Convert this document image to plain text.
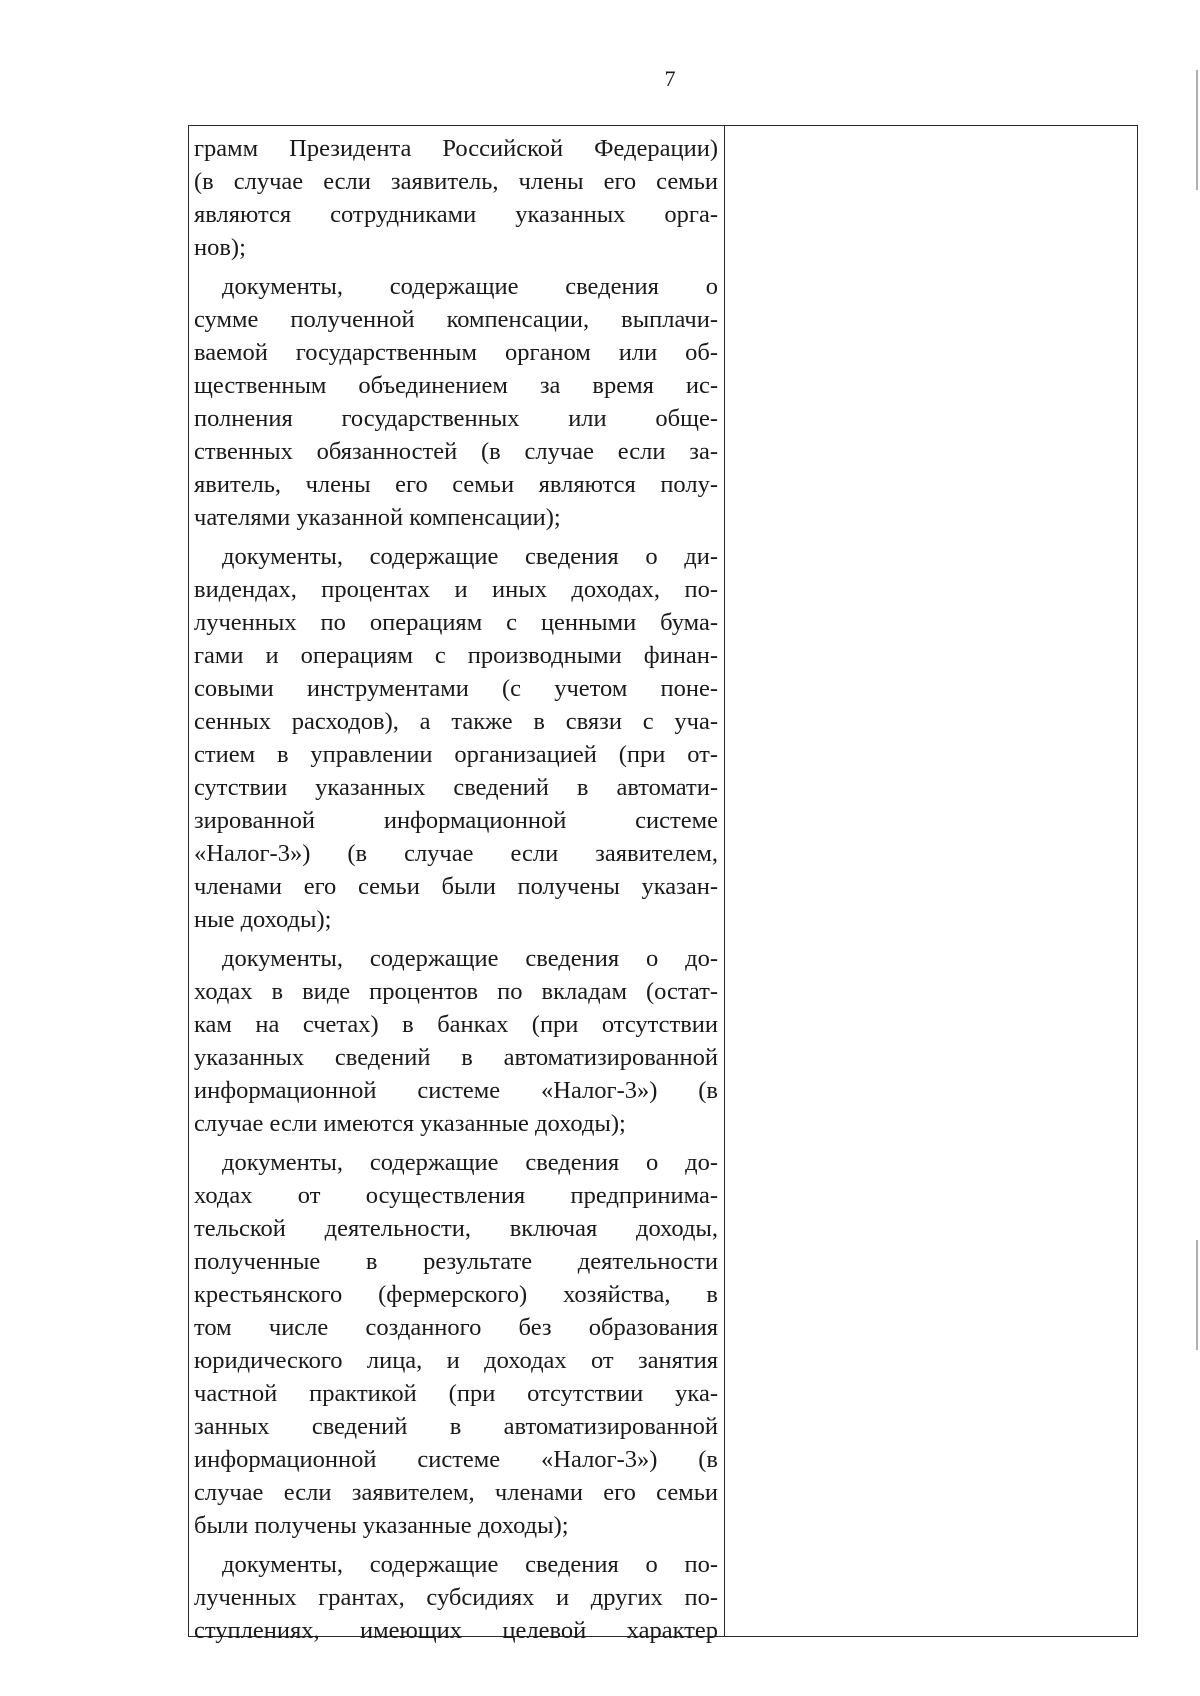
7
грамм Президента Российской Федерации)
(в случае если заявитель, члены его семьи
являются сотрудниками указанных орга-
нов);
документы, содержащие сведения о
сумме полученной компенсации, выплачи-
ваемой государственным органом или об-
щественным объединением за время ис-
полнения государственных или обще-
ственных обязанностей (в случае если за-
явитель, члены его семьи являются полу-
чателями указанной компенсации);
документы, содержащие сведения о ди-
видендах, процентах и иных доходах, по-
лученных по операциям с ценными бума-
гами и операциям с производными финан-
совыми инструментами (с учетом поне-
сенных расходов), а также в связи с уча-
стием в управлении организацией (при от-
сутствии указанных сведений в автомати-
зированной информационной системе
«Налог-3») (в случае если заявителем,
членами его семьи были получены указан-
ные доходы);
документы, содержащие сведения о до-
ходах в виде процентов по вкладам (остат-
кам на счетах) в банках (при отсутствии
указанных сведений в автоматизированной
информационной системе «Налог-3») (в
случае если имеются указанные доходы);
документы, содержащие сведения о до-
ходах от осуществления предпринима-
тельской деятельности, включая доходы,
полученные в результате деятельности
крестьянского (фермерского) хозяйства, в
том числе созданного без образования
юридического лица, и доходах от занятия
частной практикой (при отсутствии ука-
занных сведений в автоматизированной
информационной системе «Налог-3») (в
случае если заявителем, членами его семьи
были получены указанные доходы);
документы, содержащие сведения о по-
лученных грантах, субсидиях и других по-
ступлениях, имеющих целевой характер
